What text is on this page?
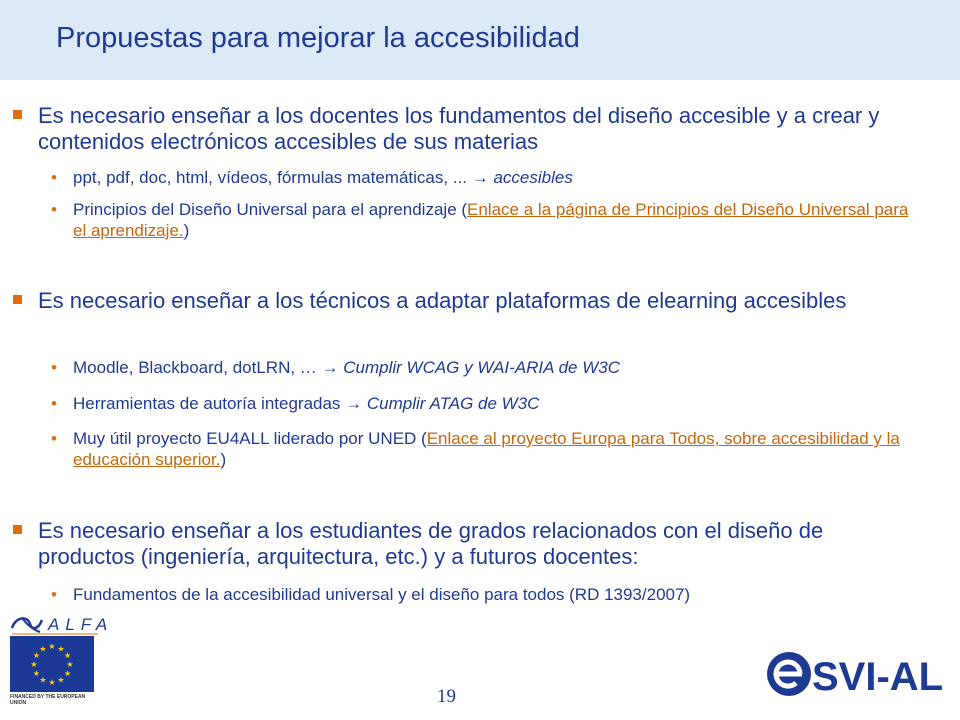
Propuestas para mejorar la accesibilidad
Es necesario enseñar a los docentes los fundamentos del diseño accesible y a crear y contenidos electrónicos accesibles de sus materias
• ppt, pdf, doc, html, vídeos, fórmulas matemáticas, ... → accesibles
• Principios del Diseño Universal para el aprendizaje (Enlace a la página de Principios del Diseño Universal para el aprendizaje.)
Es necesario enseñar a los técnicos a adaptar plataformas de elearning accesibles
• Moodle, Blackboard, dotLRN, … → Cumplir WCAG y WAI-ARIA de W3C
• Herramientas de autoría integradas → Cumplir ATAG de W3C
• Muy útil proyecto EU4ALL liderado por UNED (Enlace al proyecto Europa para Todos, sobre accesibilidad y la educación superior.)
Es necesario enseñar a los estudiantes de grados relacionados con el diseño de productos (ingeniería, arquitectura, etc.) y a futuros docentes:
• Fundamentos de la accesibilidad universal y el diseño para todos (RD 1393/2007)
ALFA
★ ★
★
★
★
★
★
★
★
★
★
★
FINANCED BY THE EUROPEAN UNION	19	SVI-AL
